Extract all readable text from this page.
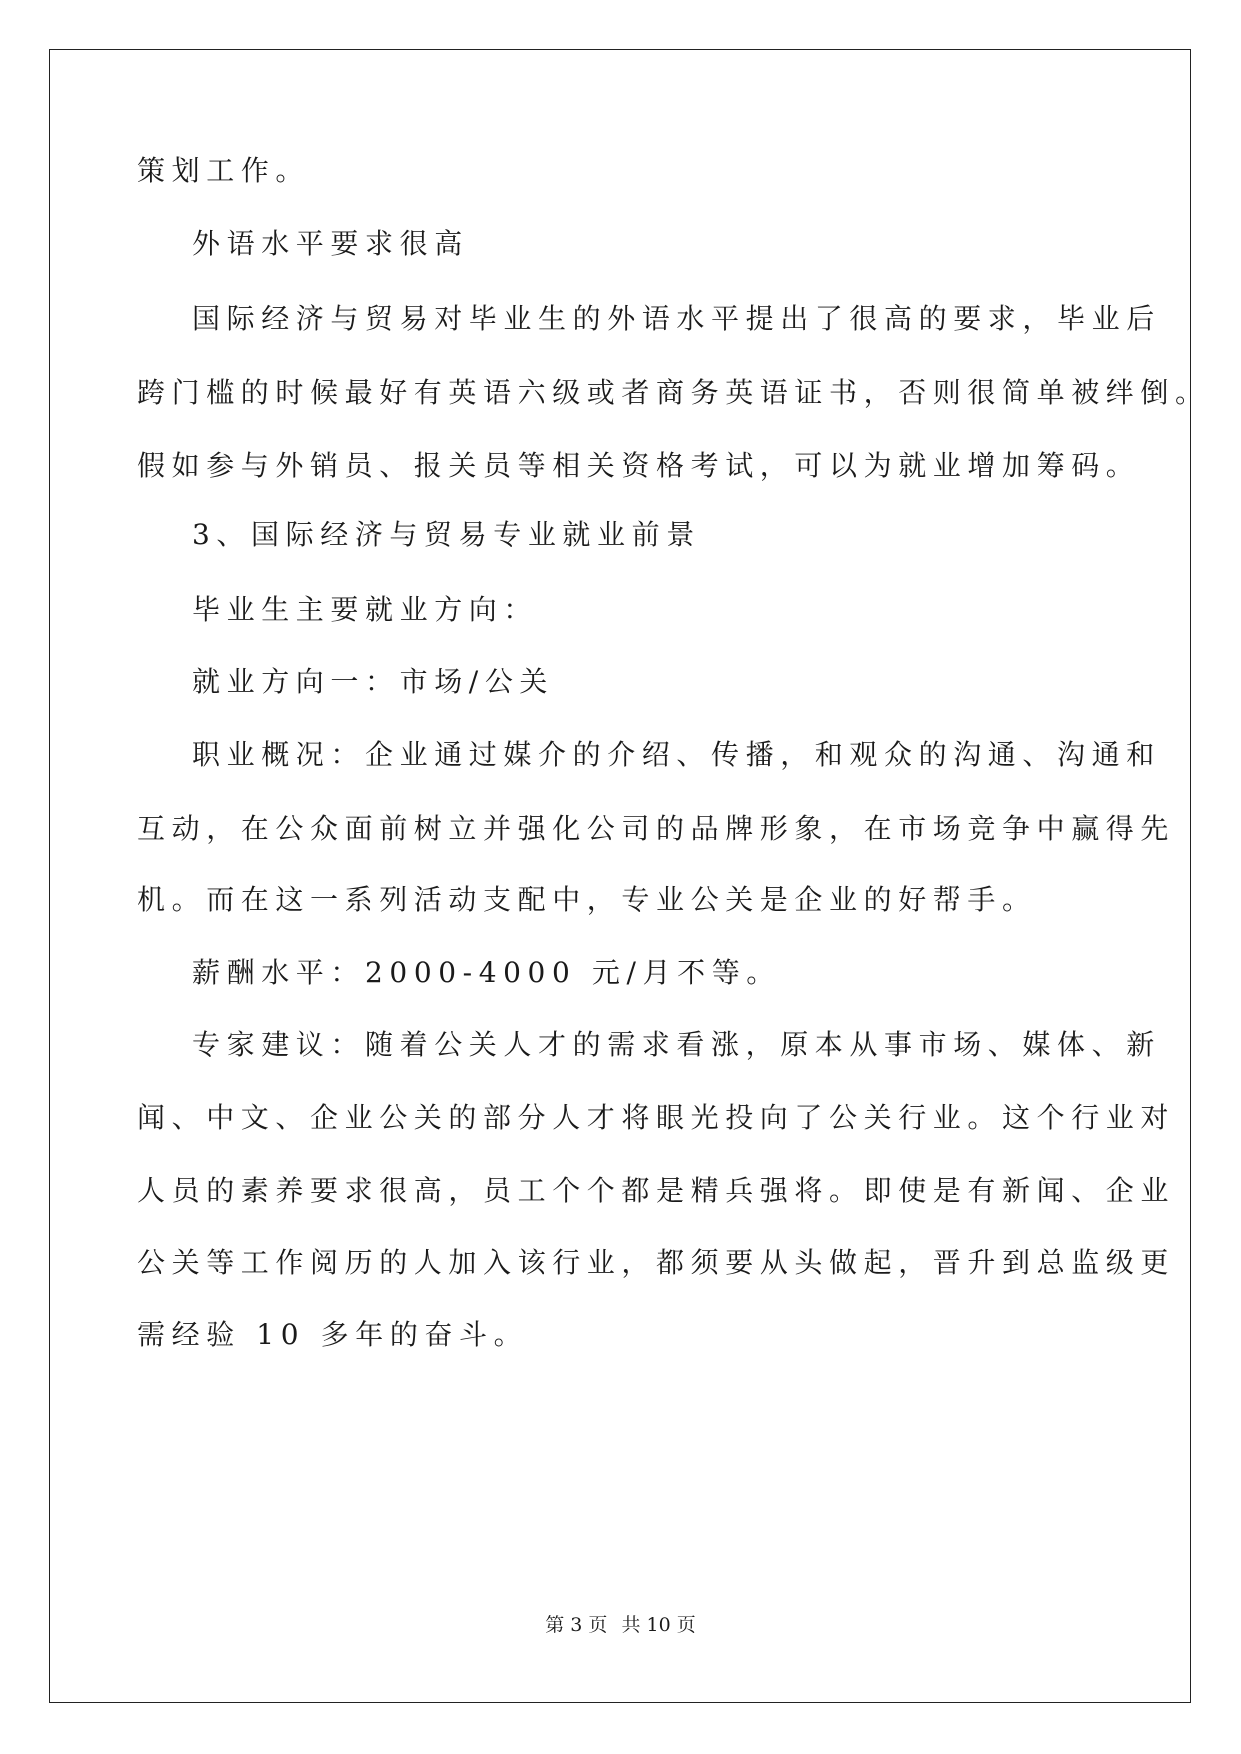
策划工作。
外语水平要求很高
国际经济与贸易对毕业生的外语水平提出了很高的要求，毕业后
跨门槛的时候最好有英语六级或者商务英语证书，否则很简单被绊倒。
假如参与外销员、报关员等相关资格考试，可以为就业增加筹码。
3、国际经济与贸易专业就业前景
毕业生主要就业方向：
就业方向一：市场/公关
职业概况：企业通过媒介的介绍、传播，和观众的沟通、沟通和
互动，在公众面前树立并强化公司的品牌形象，在市场竞争中赢得先
机。而在这一系列活动支配中，专业公关是企业的好帮手。
薪酬水平：2000-4000 元/月不等。
专家建议：随着公关人才的需求看涨，原本从事市场、媒体、新
闻、中文、企业公关的部分人才将眼光投向了公关行业。这个行业对
人员的素养要求很高，员工个个都是精兵强将。即使是有新闻、企业
公关等工作阅历的人加入该行业，都须要从头做起，晋升到总监级更
需经验 10 多年的奋斗。
第 3 页 共 10 页
